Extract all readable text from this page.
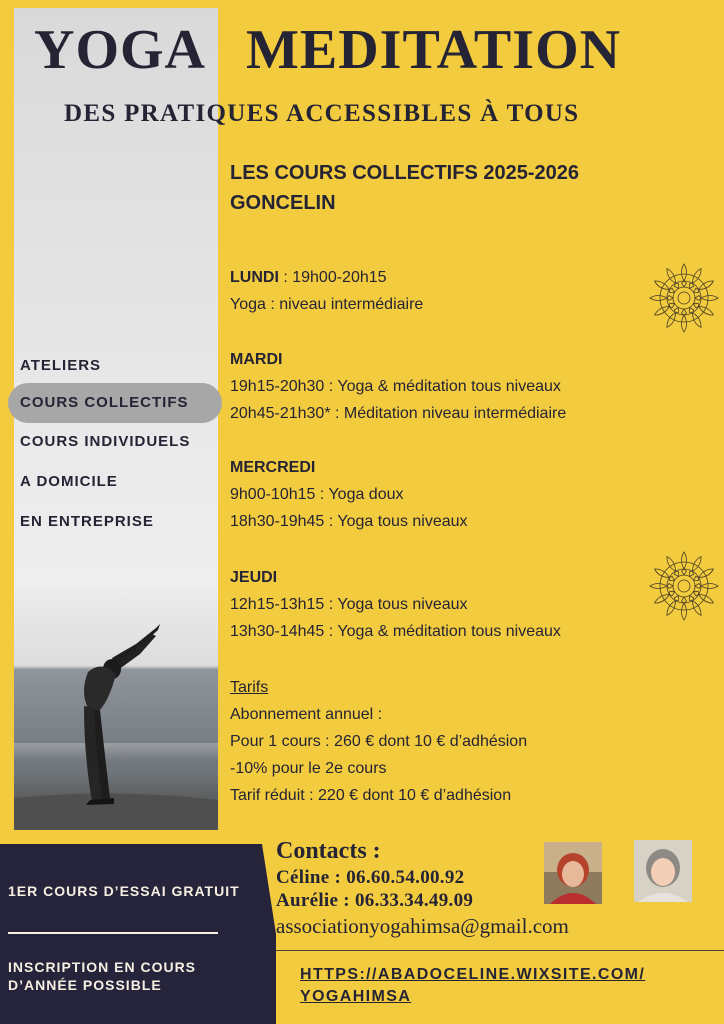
YOGA MEDITATION
DES PRATIQUES ACCESSIBLES À TOUS
LES COURS COLLECTIFS 2025-2026
GONCELIN
LUNDI : 19h00-20h15
Yoga : niveau intermédiaire
MARDI
19h15-20h30 : Yoga & méditation tous niveaux
20h45-21h30* : Méditation niveau intermédiaire
MERCREDI
9h00-10h15 : Yoga doux
18h30-19h45 : Yoga tous niveaux
JEUDI
12h15-13h15 : Yoga tous niveaux
13h30-14h45 : Yoga & méditation tous niveaux
Tarifs
Abonnement annuel :
Pour 1 cours : 260 € dont 10 € d’adhésion
-10% pour le 2e cours
Tarif réduit : 220 € dont 10 € d’adhésion
ATELIERS
COURS COLLECTIFS
COURS INDIVIDUELS
A DOMICILE
EN ENTREPRISE
1ER COURS D’ESSAI GRATUIT
INSCRIPTION EN COURS D’ANNÉE POSSIBLE
Contacts :
Céline : 06.60.54.00.92
Aurélie : 06.33.34.49.09
associationyogahimsa@gmail.com
HTTPS://ABADOCELINE.WIXSITE.COM/
YOGAHIMSA
